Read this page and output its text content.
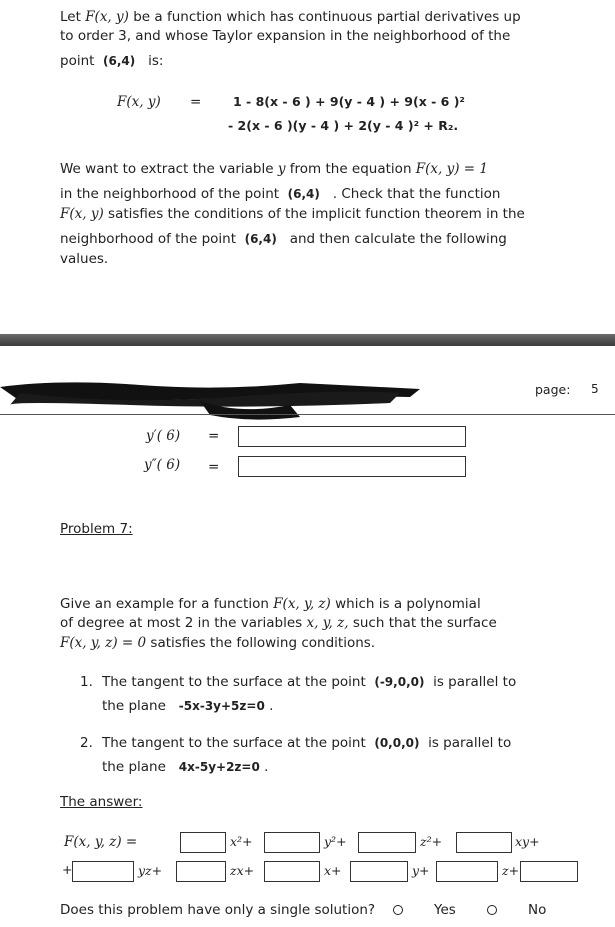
Let F(x, y) be a function which has continuous partial derivatives up
to order 3, and whose Taylor expansion in the neighborhood of the
point (6,4) is:
F(x, y) =	1 - 8(x - 6 ) + 9(y - 4 ) + 9(x - 6 )²
- 2(x - 6 )(y - 4 ) + 2(y - 4 )² + R₂.
We want to extract the variable y from the equation F(x, y) = 1
in the neighborhood of the point (6,4) . Check that the function
F(x, y) satisfies the conditions of the implicit function theorem in the
neighborhood of the point (6,4) and then calculate the following
values.
page: 5
y′( 6) =
y″( 6) =
Problem 7:
Give an example for a function F(x, y, z) which is a polynomial
of degree at most 2 in the variables x, y, z, such that the surface
F(x, y, z) = 0 satisfies the following conditions.
1. The tangent to the surface at the point (-9,0,0) is parallel to
the plane -5x-3y+5z=0 .
2. The tangent to the surface at the point (0,0,0) is parallel to
the plane 4x-5y+2z=0 .
The answer:
F(x, y, z) =	x²+	y²+	z²+	xy+
+	yz+	zx+	x+	y+	z+
Does this problem have only a single solution?	Yes	No
